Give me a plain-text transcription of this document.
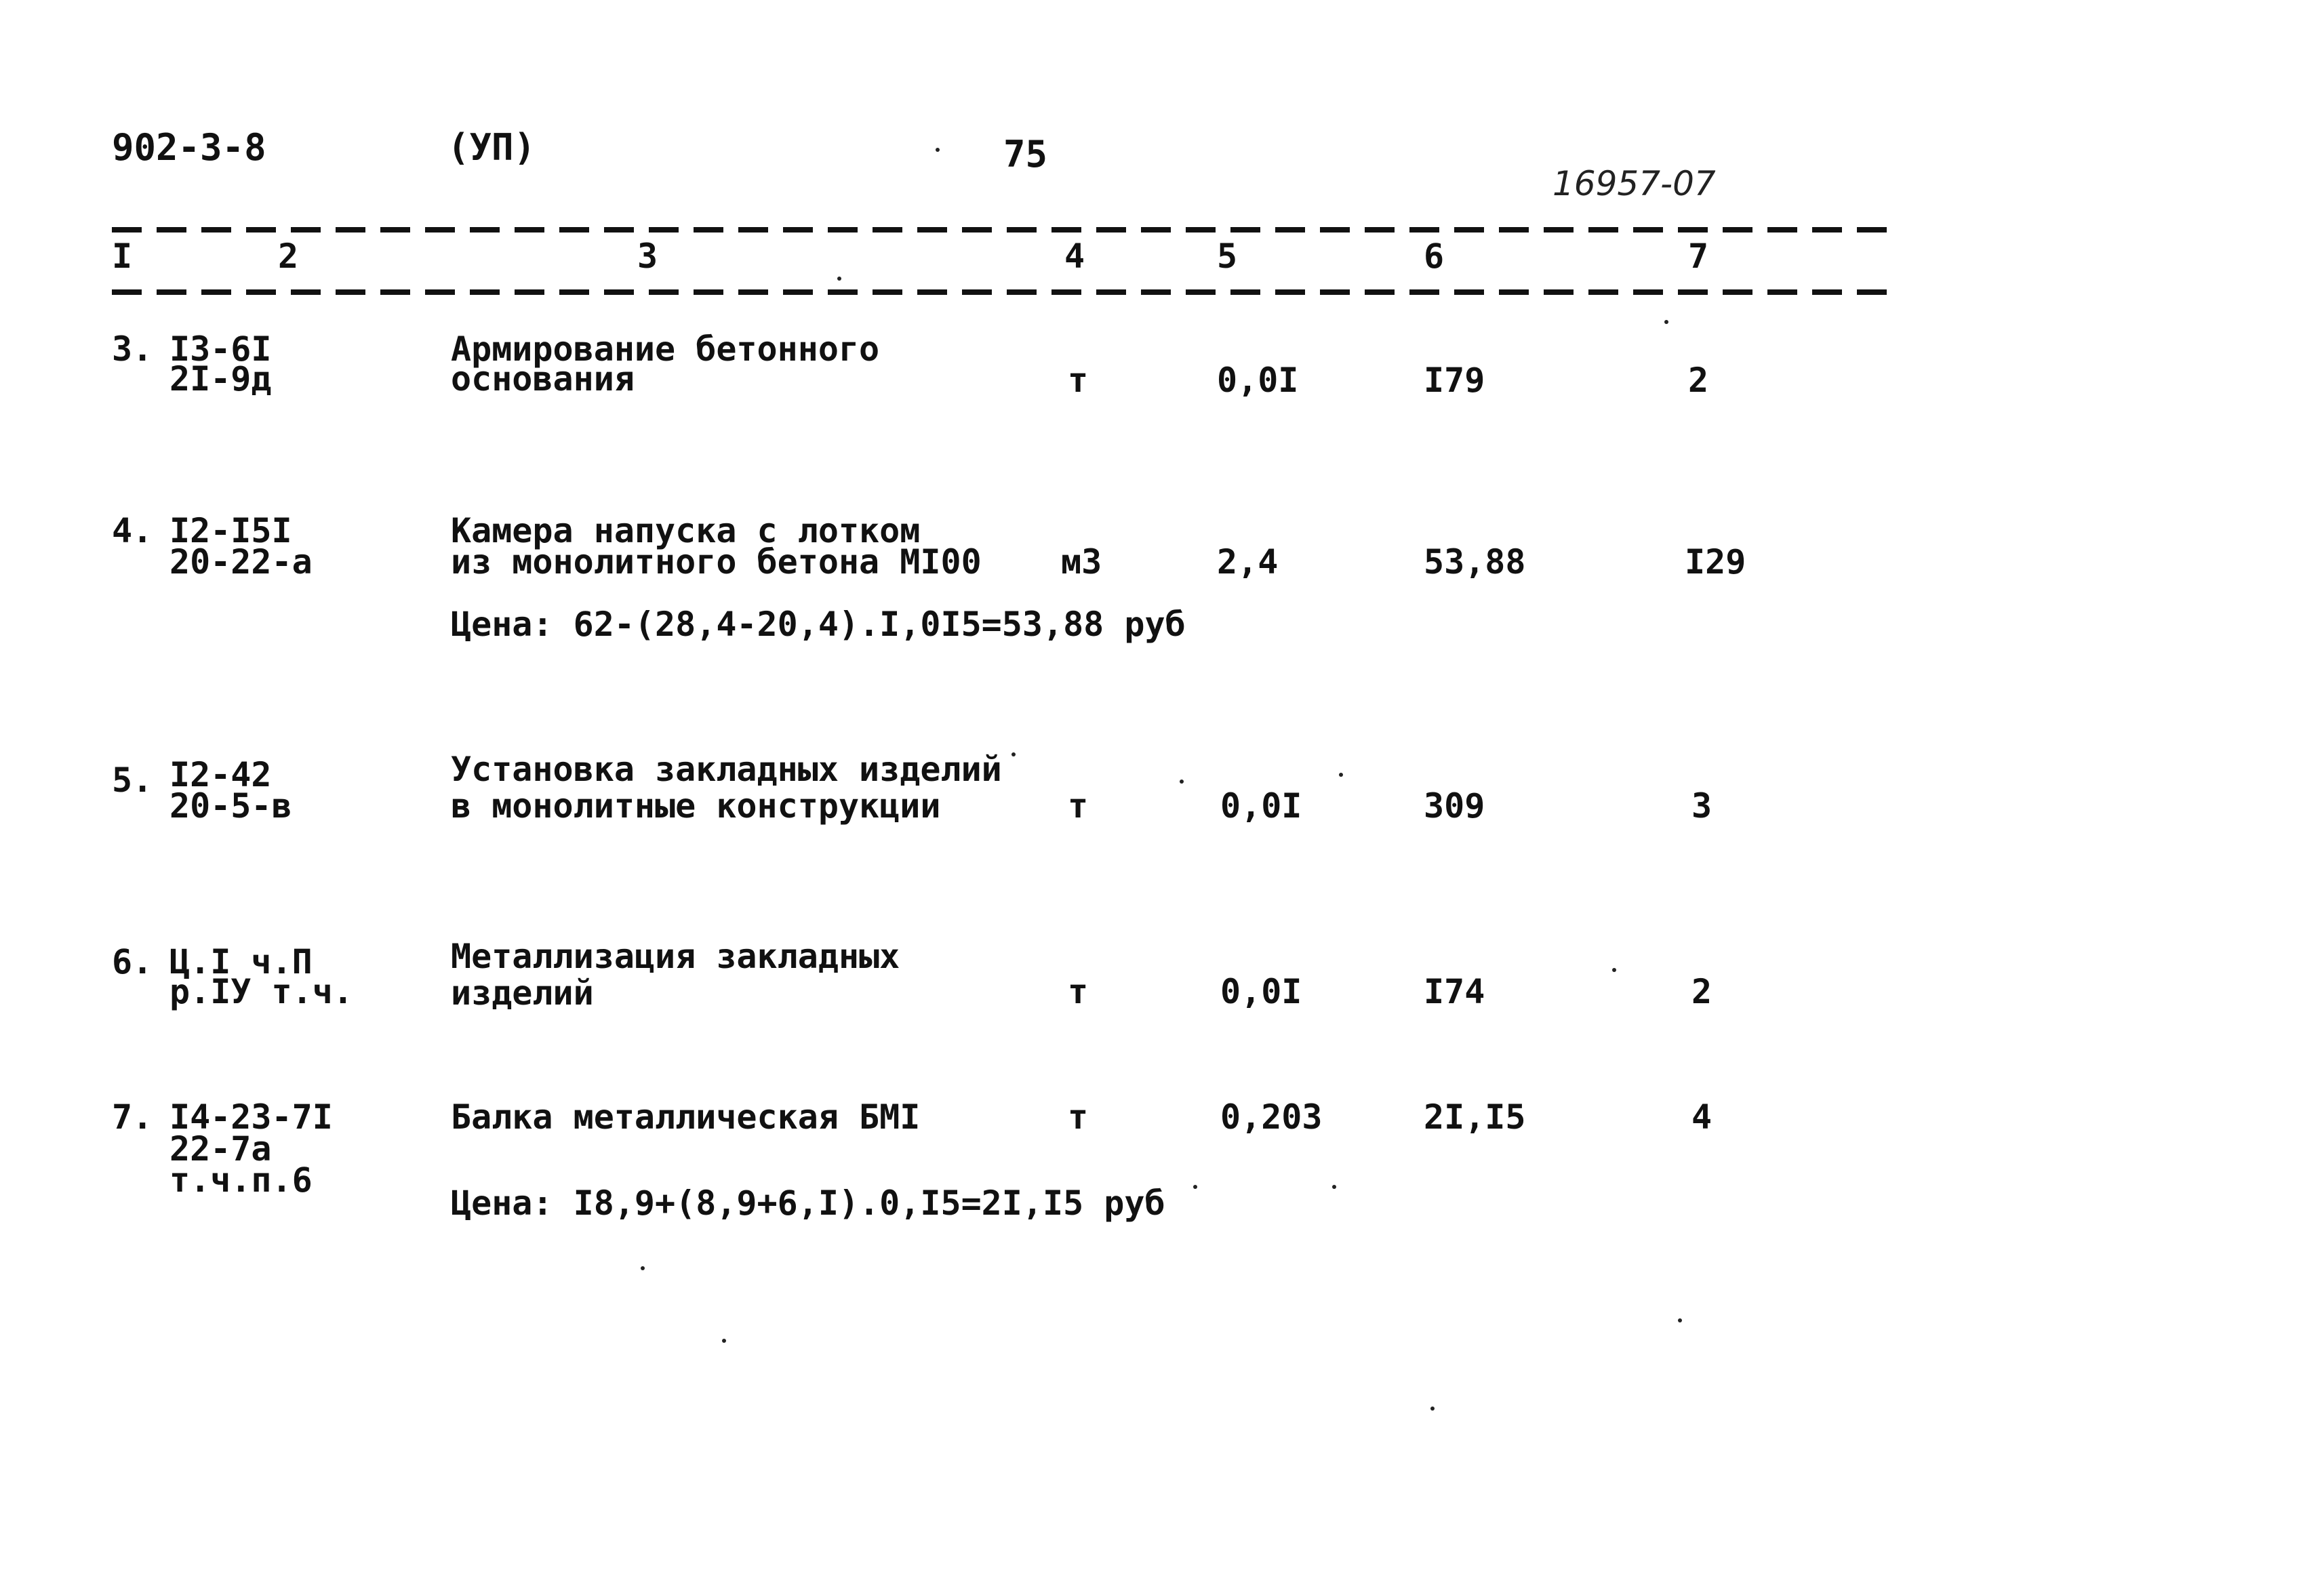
902-3-8	(УП)	75
16957-07
I	2	3	4	5	6	7
3. I3-6I
2I-9д
Армирование бетонного
основания	т	0,0I	I79	2
4. I2-I5I
20-22-а
Камера напуска с лотком
из монолитного бетона МI00 м3	2,4	53,88	I29
Цена: 62-(28,4-20,4).I,0I5=53,88 руб
5. I2-42
20-5-в
Установка закладных изделий
в монолитные конструкции	т	0,0I	309	3
6. Ц.I ч.П
р.IУ т.ч.
Металлизация закладных
изделий	т	0,0I	I74	2
7. I4-23-7I
22-7а
т.ч.п.6
Балка металлическая БМI	т	0,203	2I,I5	4
Цена: I8,9+(8,9+6,I).0,I5=2I,I5 руб
